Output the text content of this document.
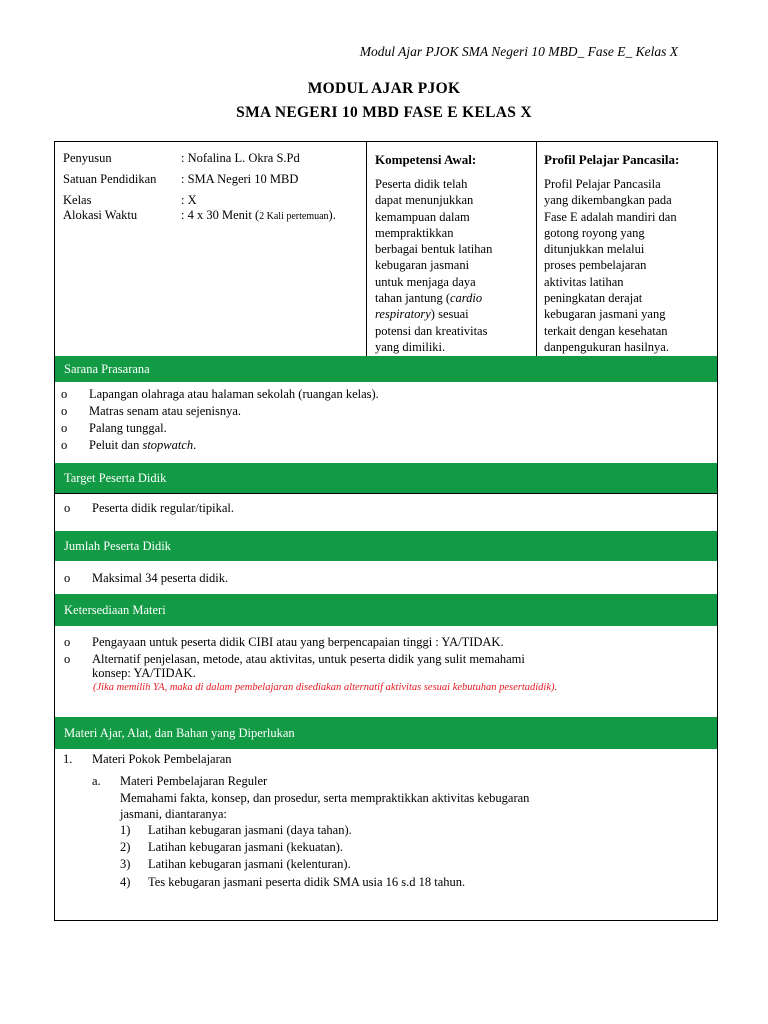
Modul Ajar PJOK SMA Negeri 10 MBD_ Fase E_ Kelas X
MODUL AJAR PJOK
SMA NEGERI 10 MBD FASE E KELAS X
Penyusun	: Nofalina L. Okra S.Pd
Satuan Pendidikan : SMA Negeri 10 MBD
Kelas	: X
Alokasi Waktu	: 4 x 30 Menit (2 Kali pertemuan).
Kompetensi Awal:
Peserta didik telah
dapat menunjukkan
kemampuan dalam
mempraktikkan
berbagai bentuk latihan
kebugaran jasmani
untuk menjaga daya
tahan jantung (cardio
respiratory) sesuai
potensi dan kreativitas
yang dimiliki.
Profil Pelajar Pancasila:
Profil Pelajar Pancasila
yang dikembangkan pada
Fase E adalah mandiri dan
gotong royong yang
ditunjukkan melalui
proses pembelajaran
aktivitas latihan
peningkatan derajat
kebugaran jasmani yang
terkait dengan kesehatan
danpengukuran hasilnya.
Sarana Prasarana
o Lapangan olahraga atau halaman sekolah (ruangan kelas).
o Matras senam atau sejenisnya.
o Palang tunggal.
o Peluit dan stopwatch.
Target Peserta Didik
o Peserta didik regular/tipikal.
Jumlah Peserta Didik
o Maksimal 34 peserta didik.
Ketersediaan Materi
o Pengayaan untuk peserta didik CIBI atau yang berpencapaian tinggi : YA/TIDAK.
o Alternatif penjelasan, metode, atau aktivitas, untuk peserta didik yang sulit memahami
konsep: YA/TIDAK.
(Jika memilih YA, maka di dalam pembelajaran disediakan alternatif aktivitas sesuai kebutuhan pesertadidik).
Materi Ajar, Alat, dan Bahan yang Diperlukan
1. Materi Pokok Pembelajaran
a. Materi Pembelajaran Reguler
Memahami fakta, konsep, dan prosedur, serta mempraktikkan aktivitas kebugaran
jasmani, diantaranya:
1) Latihan kebugaran jasmani (daya tahan).
2) Latihan kebugaran jasmani (kekuatan).
3) Latihan kebugaran jasmani (kelenturan).
4) Tes kebugaran jasmani peserta didik SMA usia 16 s.d 18 tahun.
